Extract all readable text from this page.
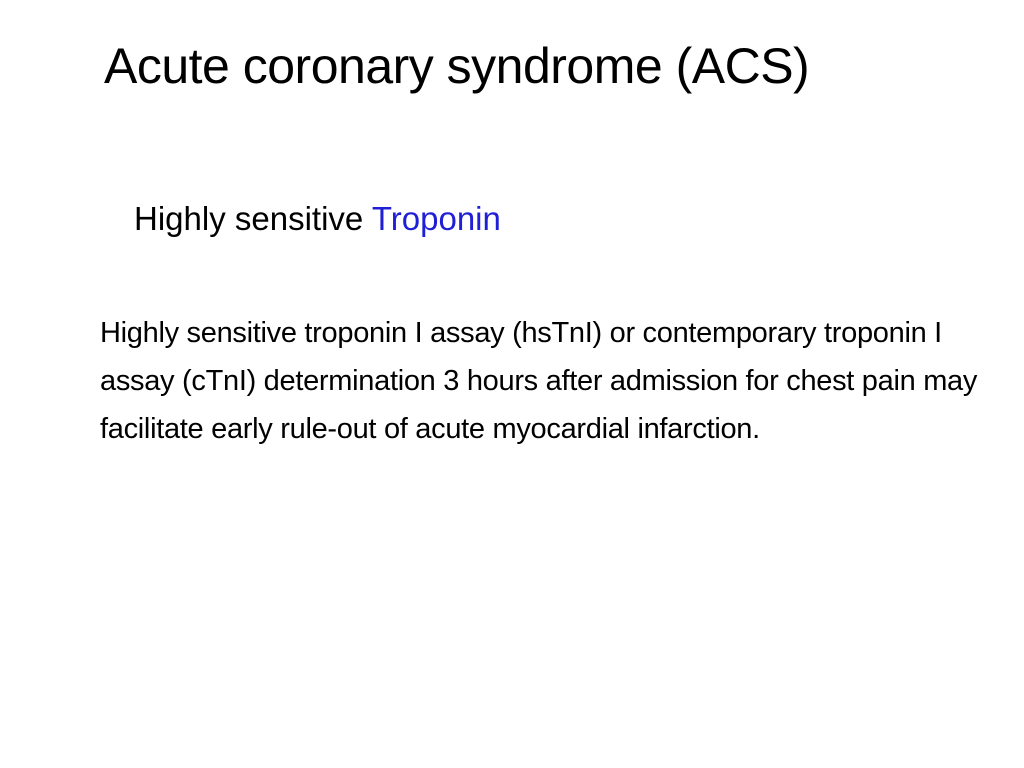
Acute coronary syndrome (ACS)
Highly sensitive Troponin
Highly sensitive troponin I assay (hsTnI) or contemporary troponin I assay (cTnI) determination 3 hours after admission for chest pain may facilitate early rule-out of acute myocardial infarction.
